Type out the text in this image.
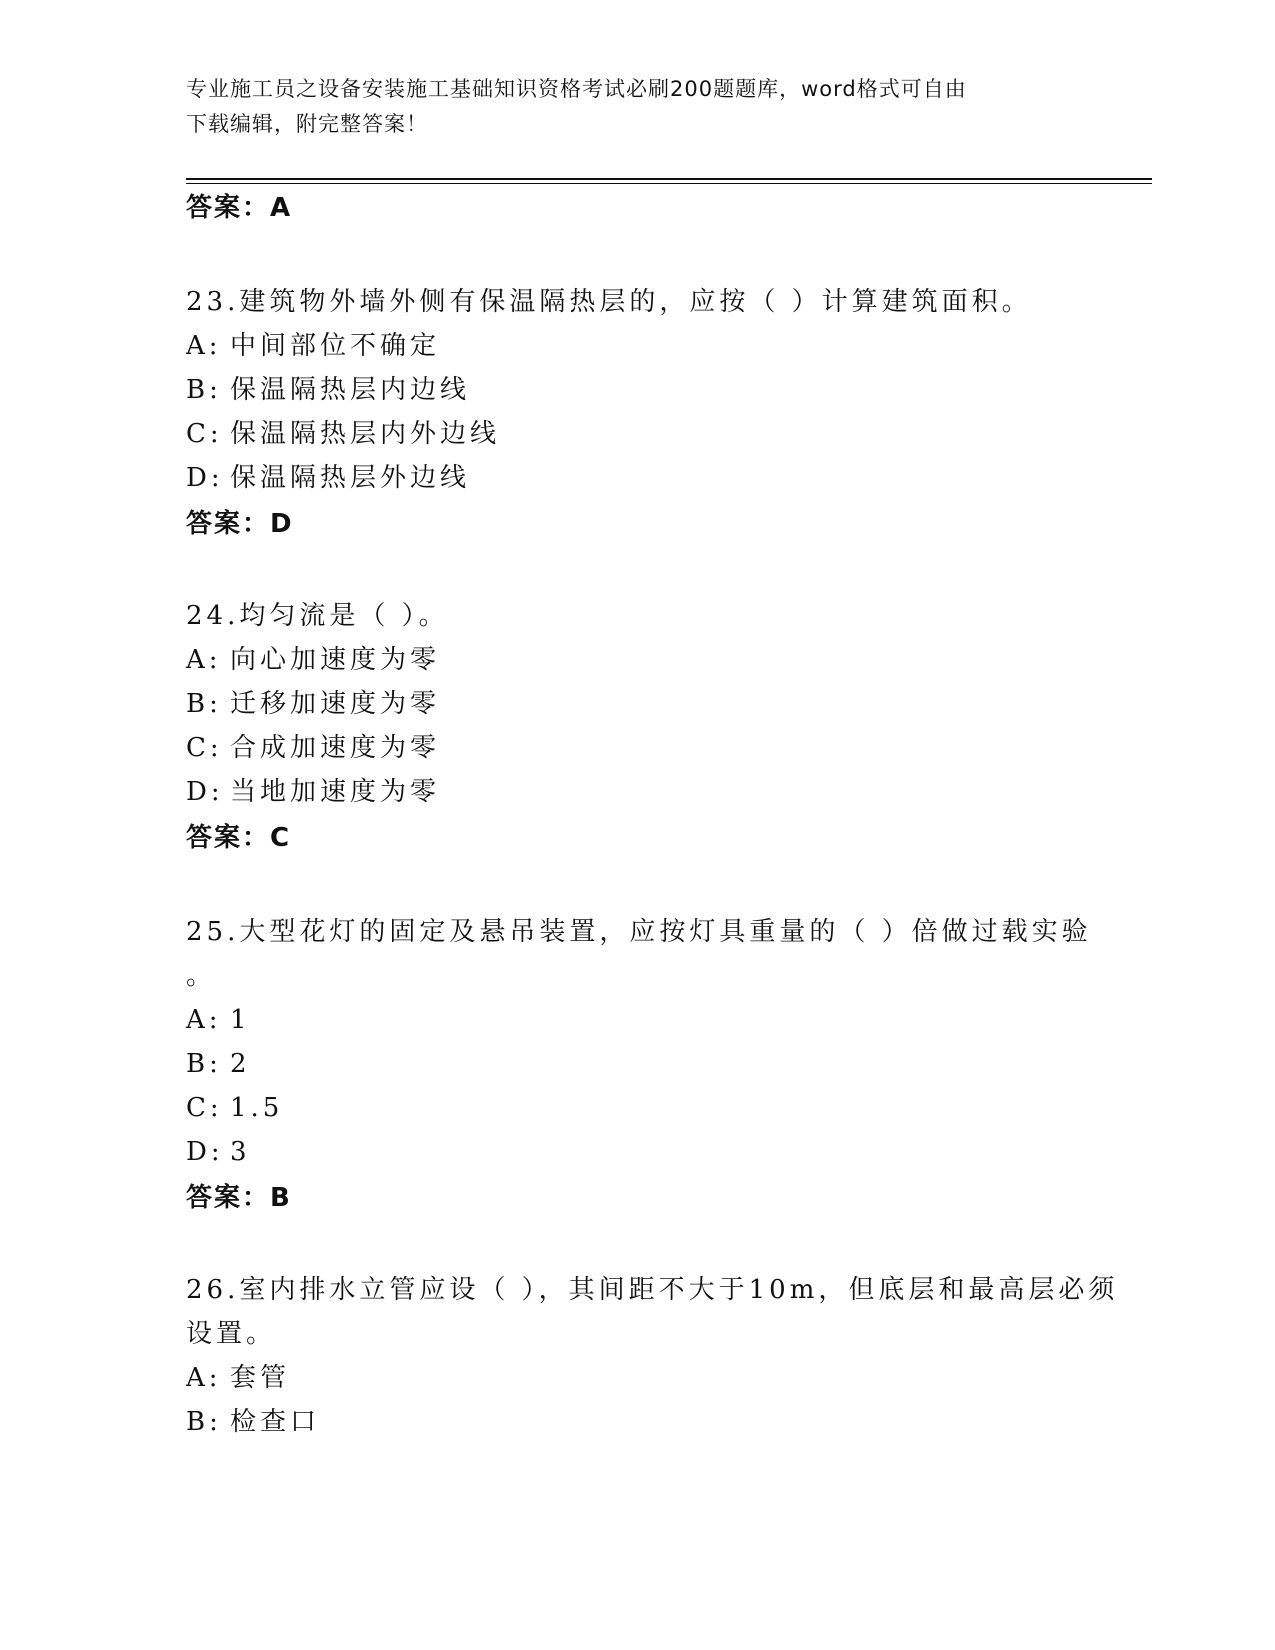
专业施工员之设备安装施工基础知识资格考试必刷200题题库，word格式可自由
下载编辑，附完整答案！
答案：A
23.建筑物外墙外侧有保温隔热层的，应按（ ）计算建筑面积。
A: 中间部位不确定
B: 保温隔热层内边线
C: 保温隔热层内外边线
D: 保温隔热层外边线
答案：D
24.均匀流是（ ）。
A: 向心加速度为零
B: 迁移加速度为零
C: 合成加速度为零
D: 当地加速度为零
答案：C
25.大型花灯的固定及悬吊装置，应按灯具重量的（ ）倍做过载实验
。
A: 1
B: 2
C: 1.5
D: 3
答案：B
26.室内排水立管应设（ ），其间距不大于10m，但底层和最高层必须
设置。
A: 套管
B: 检查口
